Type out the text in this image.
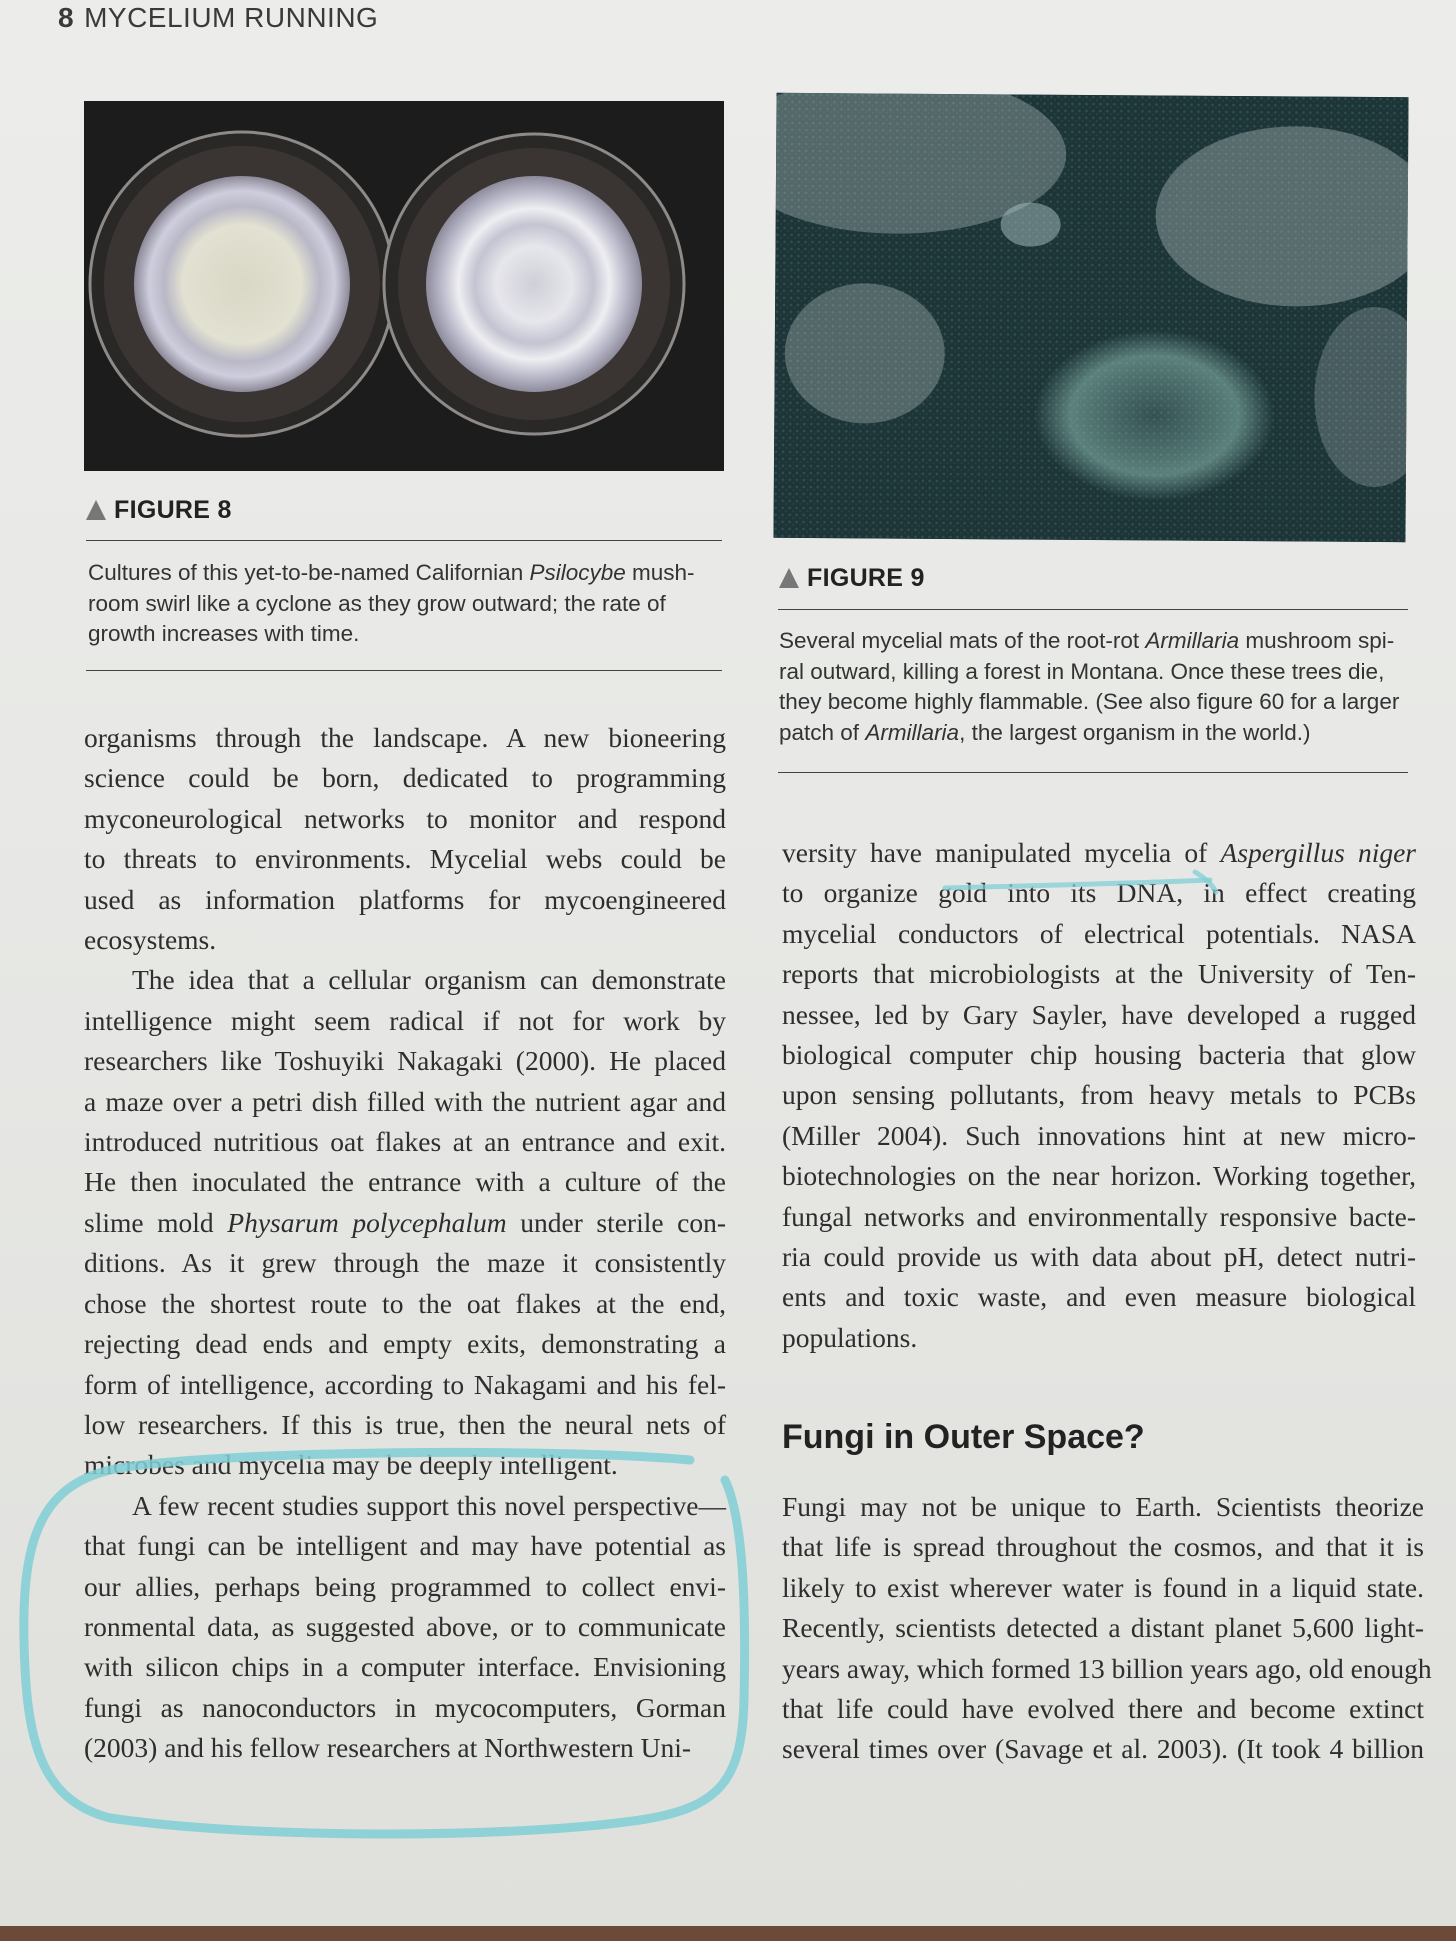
8 MYCELIUM RUNNING
FIGURE 8
Cultures of this yet-to-be-named Californian Psilocybe mush-
room swirl like a cyclone as they grow outward; the rate of
growth increases with time.
FIGURE 9
Several mycelial mats of the root-rot Armillaria mushroom spi-
ral outward, killing a forest in Montana. Once these trees die,
they become highly flammable. (See also figure 60 for a larger
patch of Armillaria, the largest organism in the world.)
organisms through the landscape. A new bioneering
science could be born, dedicated to programming
myconeurological networks to monitor and respond
to threats to environments. Mycelial webs could be
used as information platforms for mycoengineered
ecosystems.
The idea that a cellular organism can demonstrate
intelligence might seem radical if not for work by
researchers like Toshuyiki Nakagaki (2000). He placed
a maze over a petri dish filled with the nutrient agar and
introduced nutritious oat flakes at an entrance and exit.
He then inoculated the entrance with a culture of the
slime mold Physarum polycephalum under sterile con-
ditions. As it grew through the maze it consistently
chose the shortest route to the oat flakes at the end,
rejecting dead ends and empty exits, demonstrating a
form of intelligence, according to Nakagami and his fel-
low researchers. If this is true, then the neural nets of
microbes and mycelia may be deeply intelligent.
A few recent studies support this novel perspective—
that fungi can be intelligent and may have potential as
our allies, perhaps being programmed to collect envi-
ronmental data, as suggested above, or to communicate
with silicon chips in a computer interface. Envisioning
fungi as nanoconductors in mycocomputers, Gorman
(2003) and his fellow researchers at Northwestern Uni-
versity have manipulated mycelia of Aspergillus niger
to organize gold into its DNA, in effect creating
mycelial conductors of electrical potentials. NASA
reports that microbiologists at the University of Ten-
nessee, led by Gary Sayler, have developed a rugged
biological computer chip housing bacteria that glow
upon sensing pollutants, from heavy metals to PCBs
(Miller 2004). Such innovations hint at new micro-
biotechnologies on the near horizon. Working together,
fungal networks and environmentally responsive bacte-
ria could provide us with data about pH, detect nutri-
ents and toxic waste, and even measure biological
populations.
Fungi in Outer Space?
Fungi may not be unique to Earth. Scientists theorize
that life is spread throughout the cosmos, and that it is
likely to exist wherever water is found in a liquid state.
Recently, scientists detected a distant planet 5,600 light-
years away, which formed 13 billion years ago, old enough
that life could have evolved there and become extinct
several times over (Savage et al. 2003). (It took 4 billion
